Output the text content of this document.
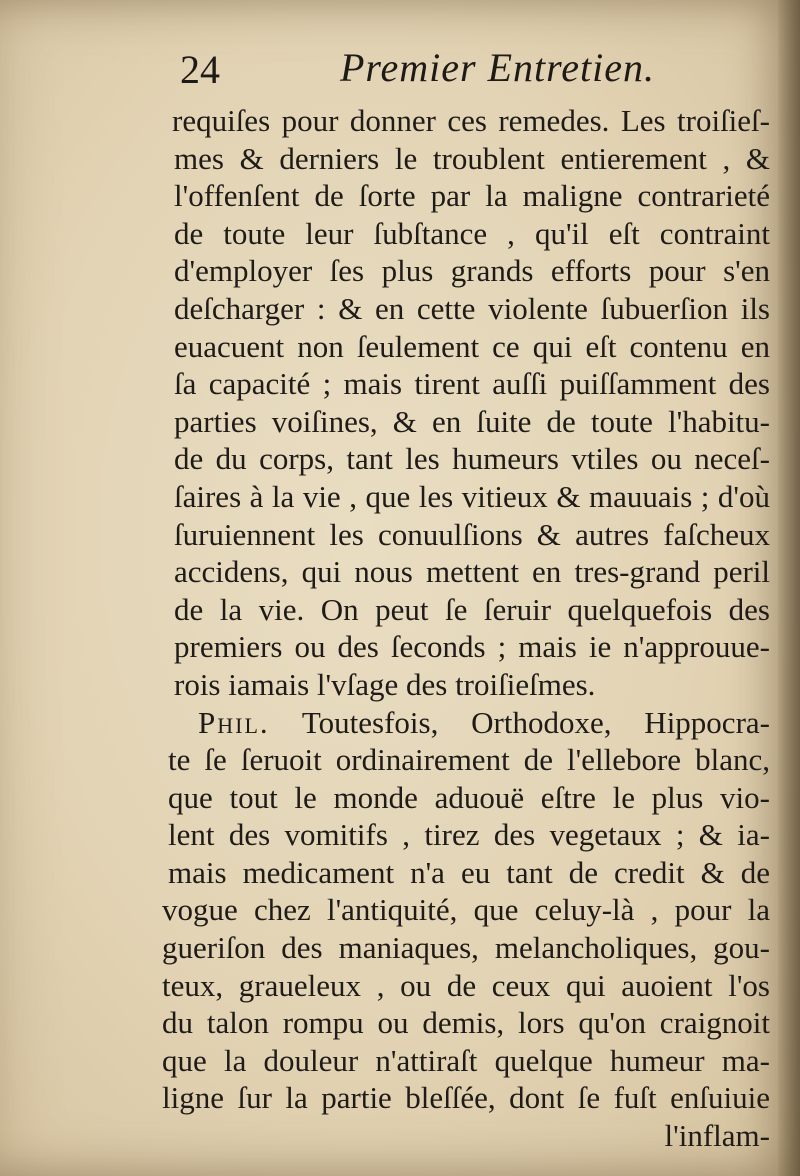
24	Premier Entretien.
requiſes pour donner ces remedes. Les troiſieſ-
mes & derniers le troublent entierement , &
l'offenſent de ſorte par la maligne contrarieté
de toute leur ſubſtance , qu'il eſt contraint
d'employer ſes plus grands efforts pour s'en
deſcharger : & en cette violente ſubuerſion ils
euacuent non ſeulement ce qui eſt contenu en
ſa capacité ; mais tirent auſſi puiſſamment des
parties voiſines, & en ſuite de toute l'habitu-
de du corps, tant les humeurs vtiles ou neceſ-
ſaires à la vie , que les vitieux & mauuais ; d'où
ſuruiennent les conuulſions & autres faſcheux
accidens, qui nous mettent en tres-grand peril
de la vie. On peut ſe ſeruir quelquefois des
premiers ou des ſeconds ; mais ie n'approuue-
rois iamais l'vſage des troiſieſmes.
Phil. Toutesfois, Orthodoxe, Hippocra-
te ſe ſeruoit ordinairement de l'ellebore blanc,
que tout le monde aduouë eſtre le plus vio-
lent des vomitifs , tirez des vegetaux ; & ia-
mais medicament n'a eu tant de credit & de
vogue chez l'antiquité, que celuy-là , pour la
gueriſon des maniaques, melancholiques, gou-
teux, graueleux , ou de ceux qui auoient l'os
du talon rompu ou demis, lors qu'on craignoit
que la douleur n'attiraſt quelque humeur ma-
ligne ſur la partie bleſſée, dont ſe fuſt enſuiuie
l'inflam-
